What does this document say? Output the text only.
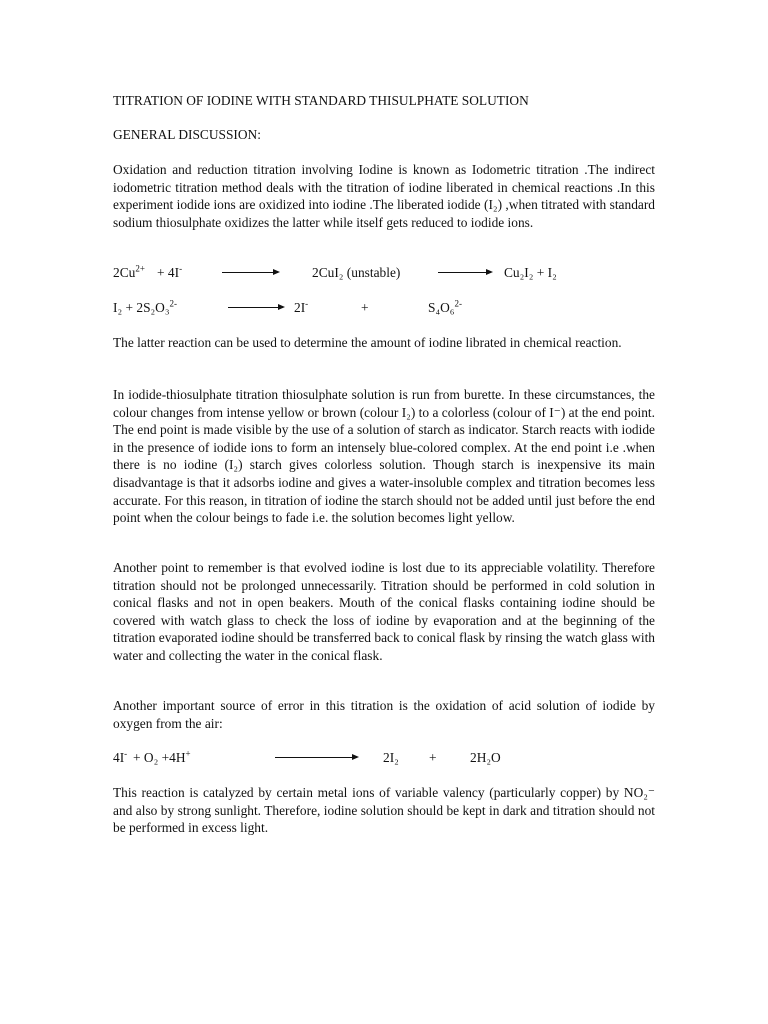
TITRATION OF IODINE WITH STANDARD THISULPHATE SOLUTION
GENERAL DISCUSSION:

Oxidation and reduction titration involving Iodine is known as Iodometric titration .The indirect iodometric titration method deals with the titration of iodine liberated in chemical reactions .In this experiment iodide ions are oxidized into iodine .The liberated iodide (I₂) ,when titrated with standard sodium thiosulphate oxidizes the latter while itself gets reduced to iodide ions.

$2Cu^{2+} + 4I^-$	2CuI₂ (unstable)	→ Cu₂I₂ + I₂
I₂ + 2S₂O₃$^{2-}$	2I-	+	S₄O₆$^{2-}$

The latter reaction can be used to determine the amount of iodine librated in chemical reaction.

In iodide-thiosulphate titration thiosulphate solution is run from burette. In these circumstances, the colour changes from intense yellow or brown (colour I₂) to a colorless (colour of I⁻) at the end point. The end point is made visible by the use of a solution of starch as indicator. Starch reacts with iodide in the presence of iodide ions to form an intensely blue-colored complex. At the end point i.e .when there is no iodine (I₂) starch gives colorless solution. Though starch is inexpensive its main disadvantage is that it adsorbs iodine and gives a water-insoluble complex and titration becomes less accurate. For this reason, in titration of iodine the starch should not be added until just before the end point when the colour beings to fade i.e. the solution becomes light yellow.

Another point to remember is that evolved iodine is lost due to its appreciable volatility. Therefore titration should not be prolonged unnecessarily. Titration should be performed in cold solution in conical flasks and not in open beakers. Mouth of the conical flasks containing iodine should be covered with watch glass to check the loss of iodine by evaporation and at the beginning of the titration evaporated iodine should be transferred back to conical flask by rinsing the watch glass with water and collecting the water in the conical flask.

Another important source of error in this titration is the oxidation of acid solution of iodide by oxygen from the air:

4I- + O₂ +4H+	2I₂ + 2H₂O

This reaction is catalyzed by certain metal ions of variable valency (particularly copper) by NO₂⁻ and also by strong sunlight. Therefore, iodine solution should be kept in dark and titration should not be performed in excess light.
